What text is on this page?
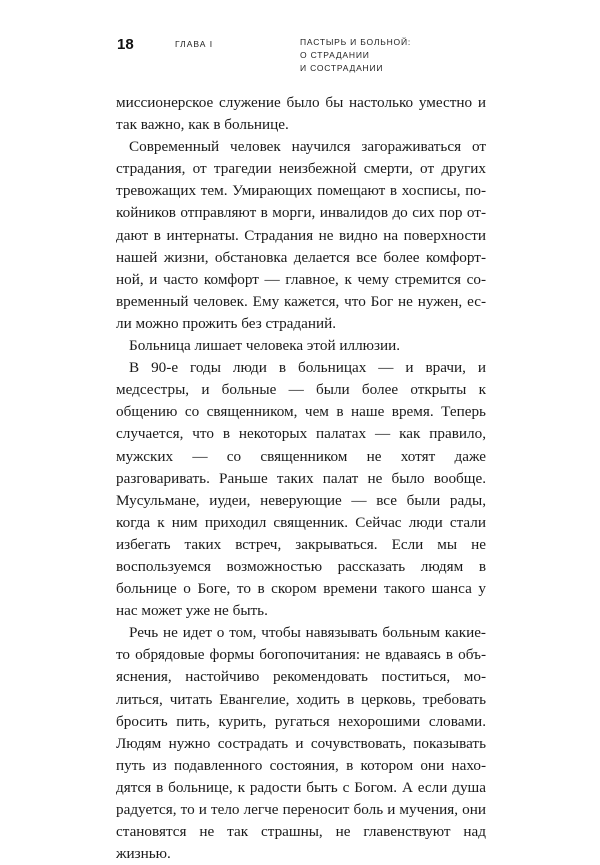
18	ГЛАВА I	ПАСТЫРЬ И БОЛЬНОЙ:
О СТРАДАНИИ
И СОСТРАДАНИИ

миссионерское служение было бы настолько уместно и так важно, как в больнице.

Современный человек научился загораживаться от страдания, от трагедии неизбежной смерти, от других тревожащих тем. Умирающих помещают в хосписы, покойников отправляют в морги, инвалидов до сих пор отдают в интернаты. Страдания не видно на поверхности нашей жизни, обстановка делается все более комфортной, и часто комфорт — главное, к чему стремится современный человек. Ему кажется, что Бог не нужен, если можно прожить без страданий.

Больница лишает человека этой иллюзии.

В 90-е годы люди в больницах — и врачи, и медсестры, и больные — были более открыты к общению со священником, чем в наше время. Теперь случается, что в некоторых палатах — как правило, мужских — со священником не хотят даже разговаривать. Раньше таких палат не было вообще. Мусульмане, иудеи, неверующие — все были рады, когда к ним приходил священник. Сейчас люди стали избегать таких встреч, закрываться. Если мы не воспользуемся возможностью рассказать людям в больнице о Боге, то в скором времени такого шанса у нас может уже не быть.

Речь не идет о том, чтобы навязывать больным какие-то обрядовые формы богопочитания: не вдаваясь в объяснения, настойчиво рекомендовать поститься, молиться, читать Евангелие, ходить в церковь, требовать бросить пить, курить, ругаться нехорошими словами. Людям нужно сострадать и сочувствовать, показывать путь из подавленного состояния, в котором они находятся в больнице, к радости быть с Богом. А если душа радуется, то и тело легче переносит боль и мучения, они становятся не так страшны, не главенствуют над жизнью.
